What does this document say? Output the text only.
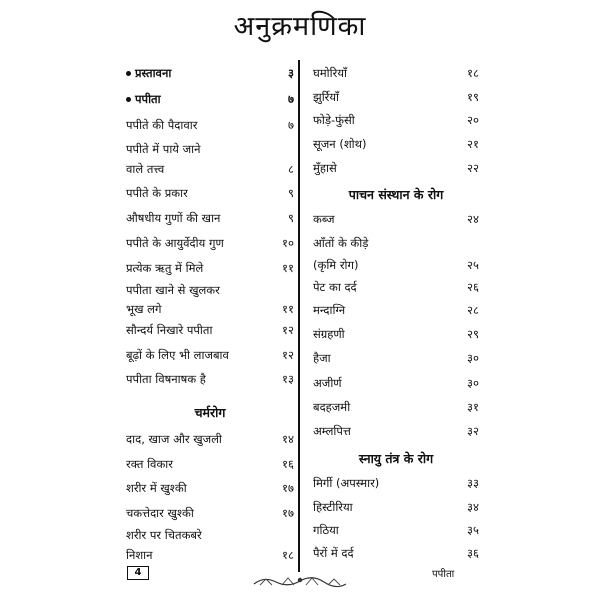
अनुक्रमणिका
प्रस्तावना	३
पपीता	७
पपीते की पैदावार	७
पपीते में पाये जाने
वाले तत्त्व	८
पपीते के प्रकार	९
औषधीय गुणों की खान	९
पपीते के आयुर्वेदीय गुण	१०
प्रत्येक ऋतु में मिले	११
पपीता खाने से खुलकर
भूख लगे	११
सौन्दर्य निखारे पपीता	१२
बूढ़ों के लिए भी लाजबाव	१२
पपीता विषनाषक है	१३
चर्मरोग
दाद, खाज और खुजली	१४
रक्त विकार	१६
शरीर में खुश्की	१७
चकत्तेदार खुश्की	१७
शरीर पर चितकबरे
निशान	१८
घमोरियाँ	१८
झुर्रियाँ	१९
फोड़े-फुंसी	२०
सूजन (शोथ)	२१
मुँहासे	२२
पाचन संस्थान के रोग
कब्ज	२४
आँतों के कीड़े
(कृमि रोग)	२५
पेट का दर्द	२६
मन्दाग्नि	२८
संग्रहणी	२९
हैजा	३०
अजीर्ण	३०
बदहजमी	३१
अम्लपित्त	३२
स्नायु तंत्र के रोग
मिर्गी (अपस्मार)	३३
हिस्टीरिया	३४
गठिया	३५
पैरों में दर्द	३६
4	पपीता
